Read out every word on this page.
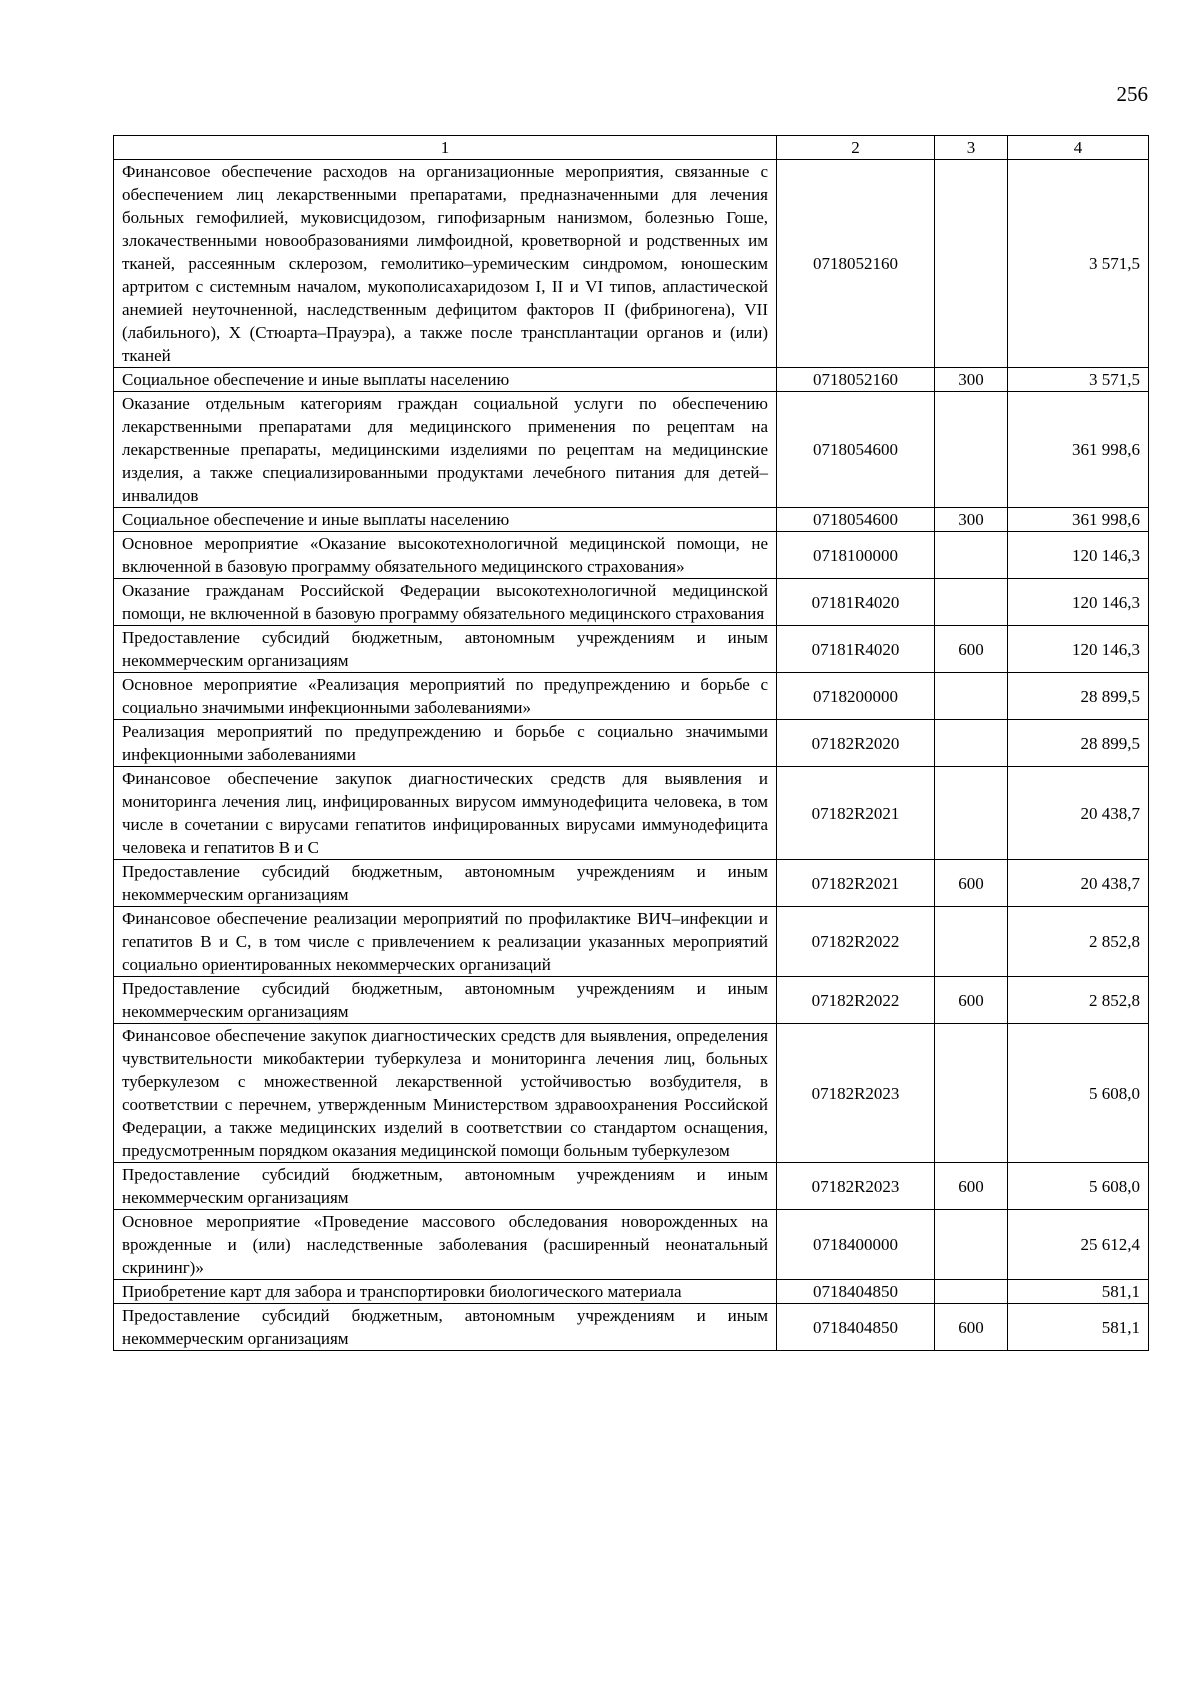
256
1	2	3	4
Финансовое обеспечение расходов на организационные мероприятия, связанные с обеспечением лиц лекарственными препаратами, предназначенными для лечения больных гемофилией, муковисцидозом, гипофизарным нанизмом, болезнью Гоше, злокачественными новообразованиями лимфоидной, кроветворной и родственных им тканей, рассеянным склерозом, гемолитико–уремическим синдромом, юношеским артритом с системным началом, мукополисахаридозом I, II и VI типов, апластической анемией неуточненной, наследственным дефицитом факторов II (фибриногена), VII (лабильного), X (Стюарта–Прауэра), а также после трансплантации органов и (или) тканей	0718052160		3 571,5
Социальное обеспечение и иные выплаты населению	0718052160	300	3 571,5
Оказание отдельным категориям граждан социальной услуги по обеспечению лекарственными препаратами для медицинского применения по рецептам на лекарственные препараты, медицинскими изделиями по рецептам на медицинские изделия, а также специализированными продуктами лечебного питания для детей–инвалидов	0718054600		361 998,6
Социальное обеспечение и иные выплаты населению	0718054600	300	361 998,6
Основное мероприятие «Оказание высокотехнологичной медицинской помощи, не включенной в базовую программу обязательного медицинского страхования»	0718100000		120 146,3
Оказание гражданам Российской Федерации высокотехнологичной медицинской помощи, не включенной в базовую программу обязательного медицинского страхования	07181R4020		120 146,3
Предоставление субсидий бюджетным, автономным учреждениям и иным некоммерческим организациям	07181R4020	600	120 146,3
Основное мероприятие «Реализация мероприятий по предупреждению и борьбе с социально значимыми инфекционными заболеваниями»	0718200000		28 899,5
Реализация мероприятий по предупреждению и борьбе с социально значимыми инфекционными заболеваниями	07182R2020		28 899,5
Финансовое обеспечение закупок диагностических средств для выявления и мониторинга лечения лиц, инфицированных вирусом иммунодефицита человека, в том числе в сочетании с вирусами гепатитов инфицированных вирусами иммунодефицита человека и гепатитов B и C	07182R2021		20 438,7
Предоставление субсидий бюджетным, автономным учреждениям и иным некоммерческим организациям	07182R2021	600	20 438,7
Финансовое обеспечение реализации мероприятий по профилактике ВИЧ–инфекции и гепатитов B и C, в том числе с привлечением к реализации указанных мероприятий социально ориентированных некоммерческих организаций	07182R2022		2 852,8
Предоставление субсидий бюджетным, автономным учреждениям и иным некоммерческим организациям	07182R2022	600	2 852,8
Финансовое обеспечение закупок диагностических средств для выявления, определения чувствительности микобактерии туберкулеза и мониторинга лечения лиц, больных туберкулезом с множественной лекарственной устойчивостью возбудителя, в соответствии с перечнем, утвержденным Министерством здравоохранения Российской Федерации, а также медицинских изделий в соответствии со стандартом оснащения, предусмотренным порядком оказания медицинской помощи больным туберкулезом	07182R2023		5 608,0
Предоставление субсидий бюджетным, автономным учреждениям и иным некоммерческим организациям	07182R2023	600	5 608,0
Основное мероприятие «Проведение массового обследования новорожденных на врожденные и (или) наследственные заболевания (расширенный неонатальный скрининг)»	0718400000		25 612,4
Приобретение карт для забора и транспортировки биологического материала	0718404850		581,1
Предоставление субсидий бюджетным, автономным учреждениям и иным некоммерческим организациям	0718404850	600	581,1
